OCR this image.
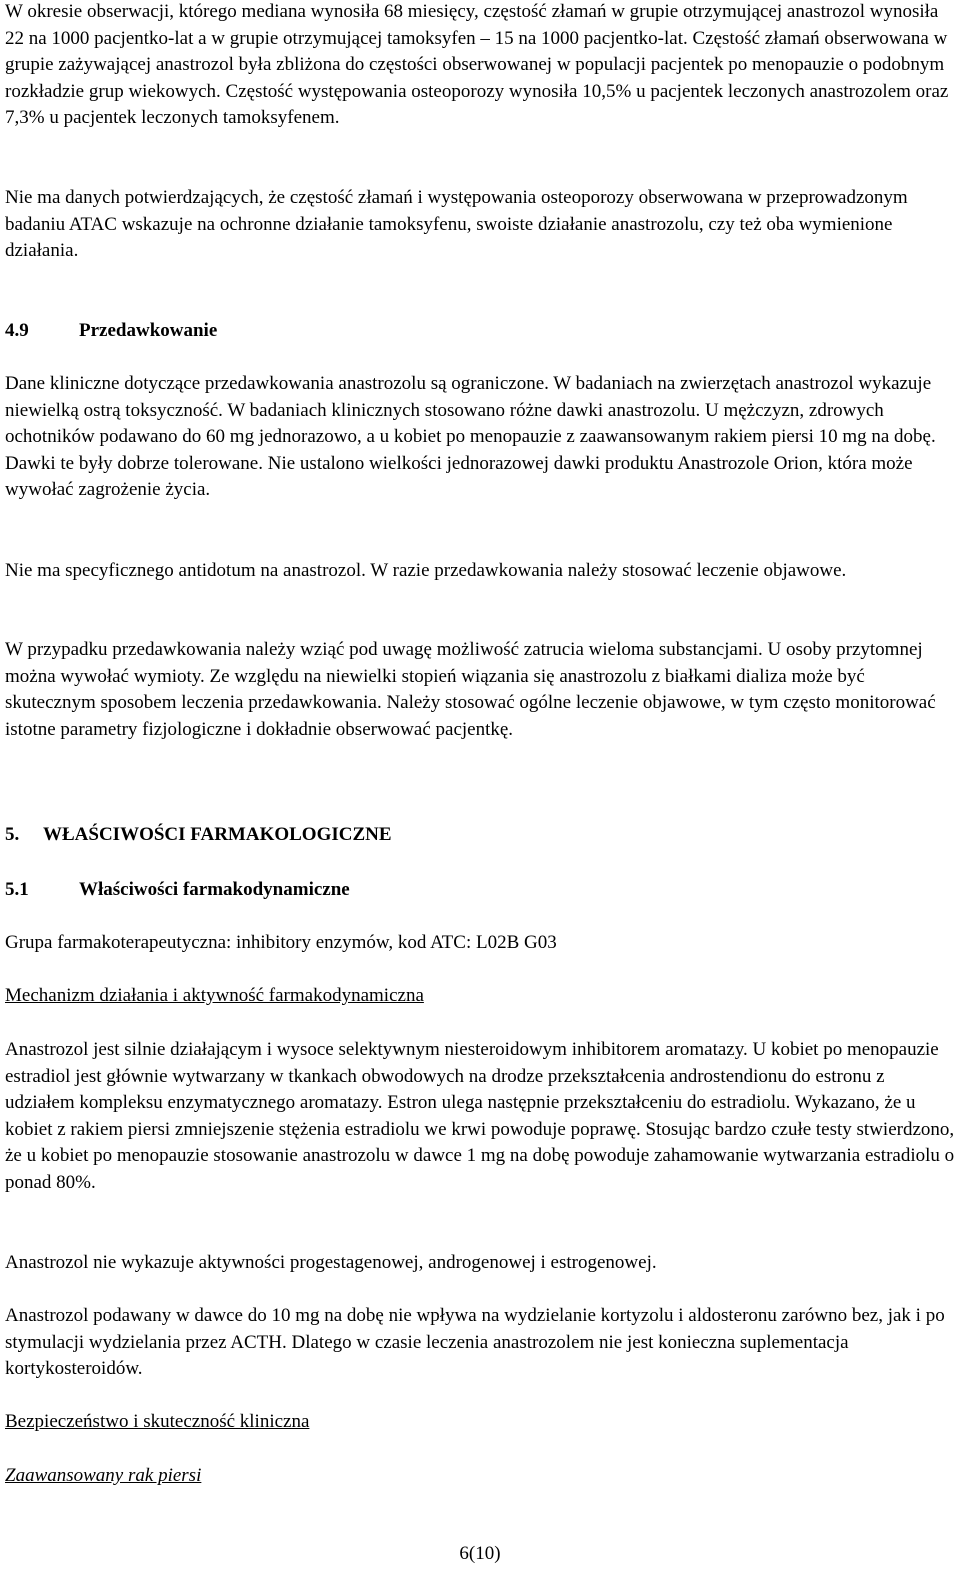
W okresie obserwacji, którego mediana wynosiła 68 miesięcy, częstość złamań w grupie otrzymującej anastrozol wynosiła 22 na 1000 pacjentko-lat a w grupie otrzymującej tamoksyfen – 15 na 1000 pacjentko-lat. Częstość złamań obserwowana w grupie zażywającej anastrozol była zbliżona do częstości obserwowanej w populacji pacjentek po menopauzie o podobnym rozkładzie grup wiekowych. Częstość występowania osteoporozy wynosiła 10,5% u pacjentek leczonych anastrozolem oraz 7,3% u pacjentek leczonych tamoksyfenem.

Nie ma danych potwierdzających, że częstość złamań i występowania osteoporozy obserwowana w przeprowadzonym badaniu ATAC wskazuje na ochronne działanie tamoksyfenu, swoiste działanie anastrozolu, czy też oba wymienione działania.

4.9	Przedawkowanie

Dane kliniczne dotyczące przedawkowania anastrozolu są ograniczone. W badaniach na zwierzętach anastrozol wykazuje niewielką ostrą toksyczność. W badaniach klinicznych stosowano różne dawki anastrozolu. U mężczyzn, zdrowych ochotników podawano do 60 mg jednorazowo, a u kobiet po menopauzie z zaawansowanym rakiem piersi 10 mg na dobę. Dawki te były dobrze tolerowane. Nie ustalono wielkości jednorazowej dawki produktu Anastrozole Orion, która może wywołać zagrożenie życia.

Nie ma specyficznego antidotum na anastrozol. W razie przedawkowania należy stosować leczenie objawowe.

W przypadku przedawkowania należy wziąć pod uwagę możliwość zatrucia wieloma substancjami. U osoby przytomnej można wywołać wymioty. Ze względu na niewielki stopień wiązania się anastrozolu z białkami dializa może być skutecznym sposobem leczenia przedawkowania. Należy stosować ogólne leczenie objawowe, w tym często monitorować istotne parametry fizjologiczne i dokładnie obserwować pacjentkę.

5. WŁAŚCIWOŚCI FARMAKOLOGICZNE
5.1	Właściwości farmakodynamiczne

Grupa farmakoterapeutyczna: inhibitory enzymów, kod ATC: L02B G03

Mechanizm działania i aktywność farmakodynamiczna

Anastrozol jest silnie działającym i wysoce selektywnym niesteroidowym inhibitorem aromatazy. U kobiet po menopauzie estradiol jest głównie wytwarzany w tkankach obwodowych na drodze przekształcenia androstendionu do estronu z udziałem kompleksu enzymatycznego aromatazy. Estron ulega następnie przekształceniu do estradiolu. Wykazano, że u kobiet z rakiem piersi zmniejszenie stężenia estradiolu we krwi powoduje poprawę. Stosując bardzo czułe testy stwierdzono, że u kobiet po menopauzie stosowanie anastrozolu w dawce 1 mg na dobę powoduje zahamowanie wytwarzania estradiolu o ponad 80%.

Anastrozol nie wykazuje aktywności progestagenowej, androgenowej i estrogenowej.

Anastrozol podawany w dawce do 10 mg na dobę nie wpływa na wydzielanie kortyzolu i aldosteronu zarówno bez, jak i po stymulacji wydzielania przez ACTH. Dlatego w czasie leczenia anastrozolem nie jest konieczna suplementacja kortykosteroidów.

Bezpieczeństwo i skuteczność kliniczna

Zaawansowany rak piersi

6(10)
